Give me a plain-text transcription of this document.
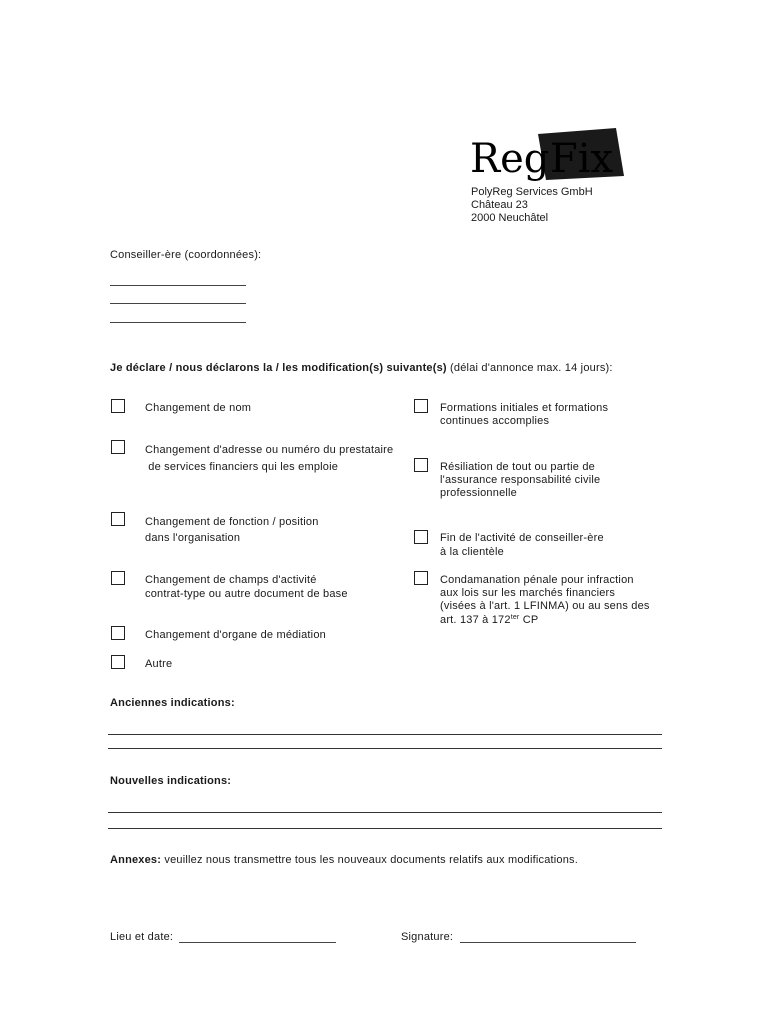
Reg Fix
PolyReg Services GmbH
Château 23
2000 Neuchâtel
Conseiller-ère (coordonnées):
Je déclare / nous déclarons la / les modification(s) suivante(s) (délai d'annonce max. 14 jours):
Changement de nom
Changement d'adresse ou numéro du prestataire
de services financiers qui les emploie
Changement de fonction / position
dans l'organisation
Changement de champs d'activité
contrat-type ou autre document de base
Changement d'organe de médiation
Autre
Formations initiales et formations
continues accomplies
Résiliation de tout ou partie de
l'assurance responsabilité civile
professionnelle
Fin de l'activité de conseiller-ère
à la clientèle
Condamanation pénale pour infraction
aux lois sur les marchés financiers
(visées à l'art. 1 LFINMA) ou au sens des
art. 137 à $172^{ter}$ CP
Anciennes indications:
Nouvelles indications:
Annexes: veuillez nous transmettre tous les nouveaux documents relatifs aux modifications.
Lieu et date:	Signature:
